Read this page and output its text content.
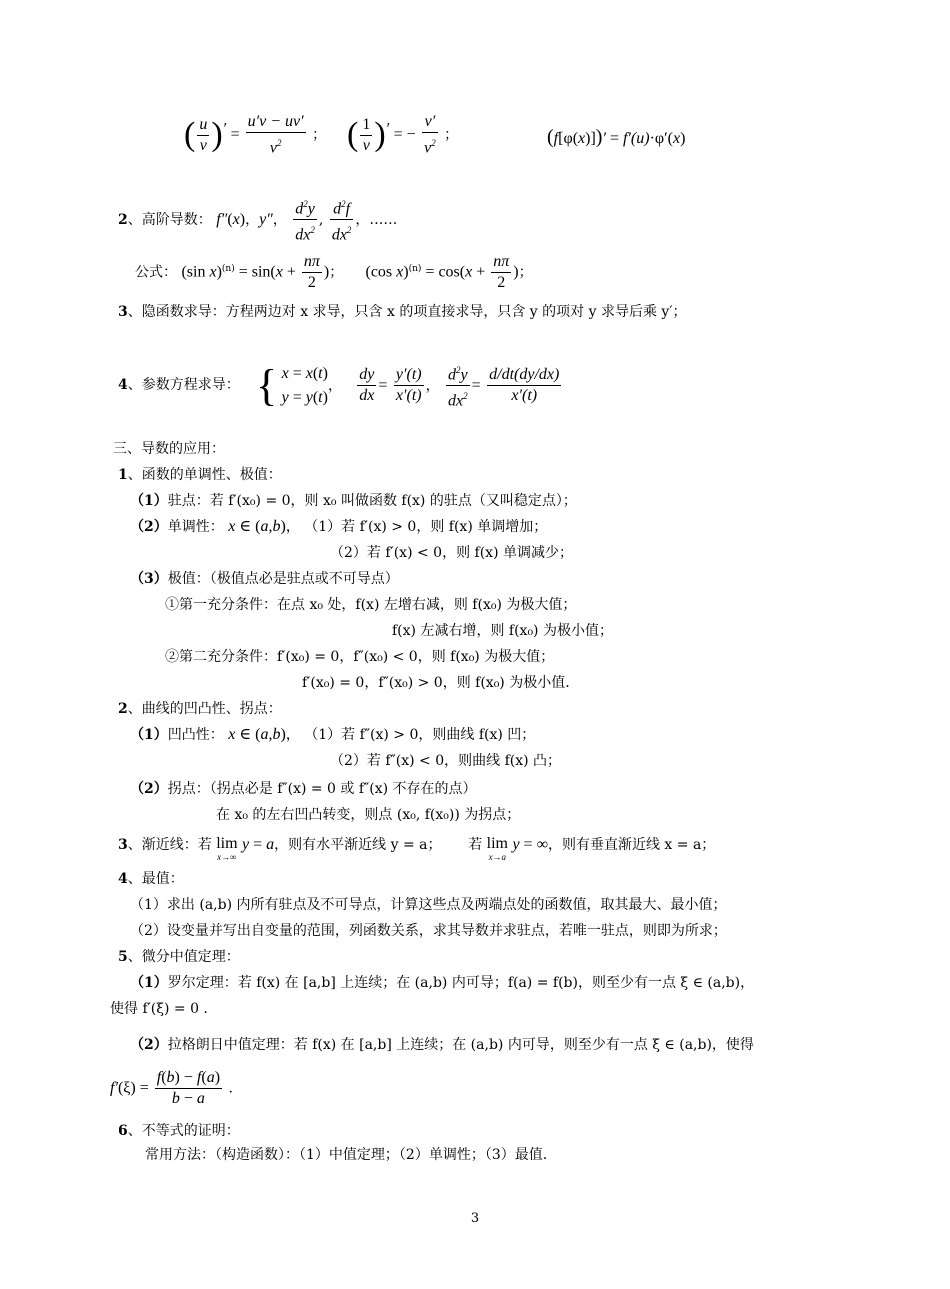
( $\frac{u}{v} )' = \frac{u'v - uv'}{v^2}$ ； ( $\frac{1}{v} )'$ = − $\frac{v'}{v^2}$ ；	(f[φ(x)])′ = f′(u)·φ′(x)
2、高阶导数： f″(x)，y″， $\frac{d^2y}{dx^2}$ , $\frac{d^2f}{dx^2}$ ，……
公式： (sin $x)^{(n)} = \sin(x + \frac{n\pi}{2}$ )；     (cos $x)^{(n)} = \cos(x + \frac{n\pi}{2}$ )；
3、隐函数求导：方程两边对 x 求导，只含 x 的项直接求导，只含 y 的项对 y 求导后乘 y′；
4、参数方程求导： { x = x(t)
y = y(t)
， $\frac{dy}{dx} = \frac{y'(t)}{x'(t)}$ ， $\frac{d^2y}{dx^2} = \frac{d/dt(dy/dx)}{x'(t)}$
三、导数的应用：
1、函数的单调性、极值：
（1）驻点：若 f′(x₀) = 0，则 x₀ 叫做函数 f(x) 的驻点（又叫稳定点）；
（2）单调性： x ∈ (a,b)， （1）若 f′(x) > 0，则 f(x) 单调增加；
（2）若 f′(x) < 0，则 f(x) 单调减少；
（3）极值：（极值点必是驻点或不可导点）
①第一充分条件：在点 x₀ 处，f(x) 左增右减，则 f(x₀) 为极大值；
f(x) 左减右增，则 f(x₀) 为极小值；
②第二充分条件：f′(x₀) = 0，f″(x₀) < 0，则 f(x₀) 为极大值；
f′(x₀) = 0，f″(x₀) > 0，则 f(x₀) 为极小值.
2、曲线的凹凸性、拐点：
（1）凹凸性： x ∈ (a,b)， （1）若 f″(x) > 0，则曲线 f(x) 凹；
（2）若 f″(x) < 0，则曲线 f(x) 凸；
（2）拐点：（拐点必是 f″(x) = 0 或 f″(x) 不存在的点）
在 x₀ 的左右凹凸转变，则点 (x₀, f(x₀)) 为拐点；
3、渐近线：若 lim
x→∞
y = a，则有水平渐近线 y = a； 若 lim
x→a
y = ∞，则有垂直渐近线 x = a；
4、最值：
（1）求出 (a,b) 内所有驻点及不可导点，计算这些点及两端点处的函数值，取其最大、最小值；
（2）设变量并写出自变量的范围，列函数关系，求其导数并求驻点，若唯一驻点，则即为所求；
5、微分中值定理：
（1）罗尔定理：若 f(x) 在 [a,b] 上连续；在 (a,b) 内可导；f(a) = f(b)，则至少有一点 ξ ∈ (a,b)，
使得 f′(ξ) = 0 .
（2）拉格朗日中值定理：若 f(x) 在 [a,b] 上连续；在 (a,b) 内可导，则至少有一点 ξ ∈ (a,b)，使得
$f'(\xi) = \frac{f(b) - f(a)}{b - a}$ .
6、不等式的证明：
常用方法：（构造函数）：（1）中值定理；（2）单调性；（3）最值.
3
